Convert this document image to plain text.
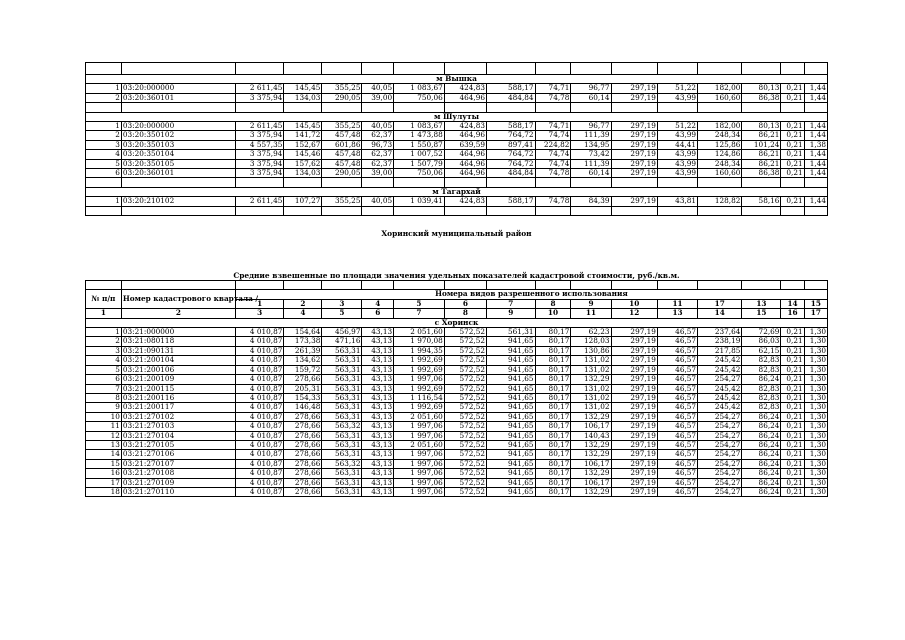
м Вышка																
1	03:20:000000	2 611,45	145,45	355,25	40,05	1 083,67	424,83	588,17	74,71	96,77	297,19	51,22	182,00	80,13	0,21	1,44
2	03:20:360101	3 375,94	134,03	290,05	39,00	750,06	464,96	484,84	74,78	60,14	297,19	43,99	160,60	86,38	0,21	1,44

м Шулуты																
1	03:20:000000	2 611,45	145,45	355,25	40,05	1 083,67	424,83	588,17	74,71	96,77	297,19	51,22	182,00	80,13	0,21	1,44
2	03:20:350102	3 375,94	141,72	457,48	62,37	1 473,88	464,96	764,72	74,74	111,39	297,19	43,99	248,34	86,21	0,21	1,44
3	03:20:350103	4 557,35	152,67	601,86	96,73	1 550,87	639,59	897,41	224,82	134,95	297,19	44,41	125,86	101,24	0,21	1,38
4	03:20:350104	3 375,94	145,46	457,48	62,37	1 007,52	464,96	764,72	74,74	73,42	297,19	43,99	124,86	86,21	0,21	1,44
5	03:20:350105	3 375,94	157,62	457,48	62,37	1 507,79	464,96	764,72	74,74	111,39	297,19	43,99	248,34	86,21	0,21	1,44
6	03:20:360101	3 375,94	134,03	290,05	39,00	750,06	464,96	484,84	74,78	60,14	297,19	43,99	160,60	86,38	0,21	1,44

м Тагархай																
1	03:20:210102	2 611,45	107,27	355,25	40,05	1 039,41	424,83	588,17	74,78	84,39	297,19	43,81	128,82	58,16	0,21	1,44

Хоринский муниципальный район																

Средние взвешенные по площади значения удельных показателей кадастровой стоимости, руб./кв.м.																

№ п/п	Номер кадастрового квартала /	Номера видов разрешенного использования														
		1	2	3	4	5	6	7	8	9	10	11	17	13	14	15
1	2	3	4	5	6	7	8	9	10	11	12	13	14	15	16	17
с Хоринск																
1	03:21:000000	4 010,87	154,64	456,97	43,13	2 051,60	572,52	561,31	80,17	62,23	297,19	46,57	237,64	72,69	0,21	1,30
2	03:21:080118	4 010,87	173,38	471,16	43,13	1 970,08	572,52	941,65	80,17	128,03	297,19	46,57	238,19	86,03	0,21	1,30
3	03:21:090131	4 010,87	261,39	563,31	43,13	1 994,35	572,52	941,65	80,17	130,86	297,19	46,57	217,85	62,15	0,21	1,30
4	03:21:200104	4 010,87	134,62	563,31	43,13	1 992,69	572,52	941,65	80,17	131,02	297,19	46,57	245,42	82,83	0,21	1,30
5	03:21:200106	4 010,87	159,72	563,31	43,13	1 992,69	572,52	941,65	80,17	131,02	297,19	46,57	245,42	82,83	0,21	1,30
6	03:21:200109	4 010,87	278,66	563,31	43,13	1 997,06	572,52	941,65	80,17	132,29	297,19	46,57	254,27	86,24	0,21	1,30
7	03:21:200115	4 010,87	205,31	563,31	43,13	1 992,69	572,52	941,65	80,17	131,02	297,19	46,57	245,42	82,83	0,21	1,30
8	03:21:200116	4 010,87	154,33	563,31	43,13	1 116,54	572,52	941,65	80,17	131,02	297,19	46,57	245,42	82,83	0,21	1,30
9	03:21:200117	4 010,87	146,48	563,31	43,13	1 992,69	572,52	941,65	80,17	131,02	297,19	46,57	245,42	82,83	0,21	1,30
10	03:21:270102	4 010,87	278,66	563,31	43,13	2 051,60	572,52	941,65	80,17	132,29	297,19	46,57	254,27	86,24	0,21	1,30
11	03:21:270103	4 010,87	278,66	563,32	43,13	1 997,06	572,52	941,65	80,17	106,17	297,19	46,57	254,27	86,24	0,21	1,30
12	03:21:270104	4 010,87	278,66	563,31	43,13	1 997,06	572,52	941,65	80,17	140,43	297,19	46,57	254,27	86,24	0,21	1,30
13	03:21:270105	4 010,87	278,66	563,31	43,13	2 051,60	572,52	941,65	80,17	132,29	297,19	46,57	254,27	86,24	0,21	1,30
14	03:21:270106	4 010,87	278,66	563,31	43,13	1 997,06	572,52	941,65	80,17	132,29	297,19	46,57	254,27	86,24	0,21	1,30
15	03:21:270107	4 010,87	278,66	563,32	43,13	1 997,06	572,52	941,65	80,17	106,17	297,19	46,57	254,27	86,24	0,21	1,30
16	03:21:270108	4 010,87	278,66	563,31	43,13	1 997,06	572,52	941,65	80,17	132,29	297,19	46,57	254,27	86,24	0,21	1,30
17	03:21:270109	4 010,87	278,66	563,31	43,13	1 997,06	572,52	941,65	80,17	106,17	297,19	46,57	254,27	86,24	0,21	1,30
18	03:21:270110	4 010,87	278,66	563,31	43,13	1 997,06	572,52	941,65	80,17	132,29	297,19	46,57	254,27	86,24	0,21	1,30
